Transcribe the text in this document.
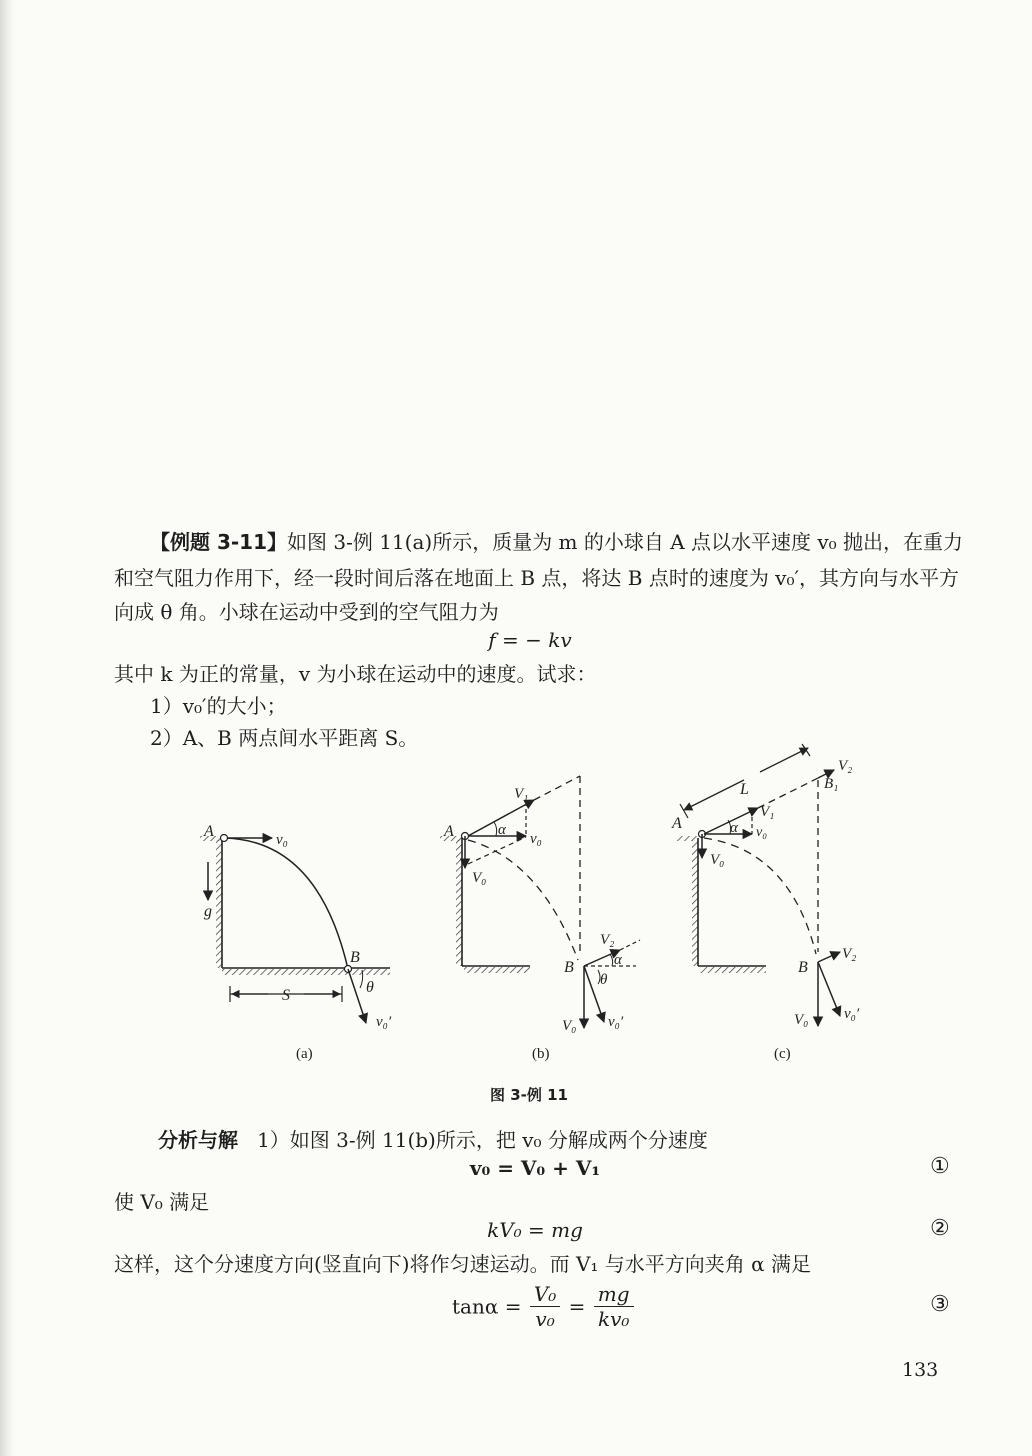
【例题 3-11】如图 3-例 11(a)所示，质量为 m 的小球自 A 点以水平速度 v₀ 抛出，在重力
和空气阻力作用下，经一段时间后落在地面上 B 点，将达 B 点时的速度为 v₀′，其方向与水平方
向成 θ 角。小球在运动中受到的空气阻力为
f = − kv
其中 k 为正的常量，v 为小球在运动中的速度。试求：
1）v₀′的大小；
2）A、B 两点间水平距离 S。
A	v₀
g
S
B
θ
v₀′
A	v₀
V₁
α
V₀
B
V₂
α
θ
V₀ v₀′
A
L
V₂
B₁
V₁
α v₀
V₀
B
V₂
V₀ v₀′
(a)	(b)	(c)
图 3-例 11
分析与解 1）如图 3-例 11(b)所示，把 v₀ 分解成两个分速度
v₀ = V₀ + V₁	①
使 V₀ 满足
kV₀ = mg	②
这样，这个分速度方向(竖直向下)将作匀速运动。而 V₁ 与水平方向夹角 α 满足
$\tan\alpha = \frac{\text{V₀}}{\text{v₀}} = \frac{mg}{\text{kv₀}}$	③
133
